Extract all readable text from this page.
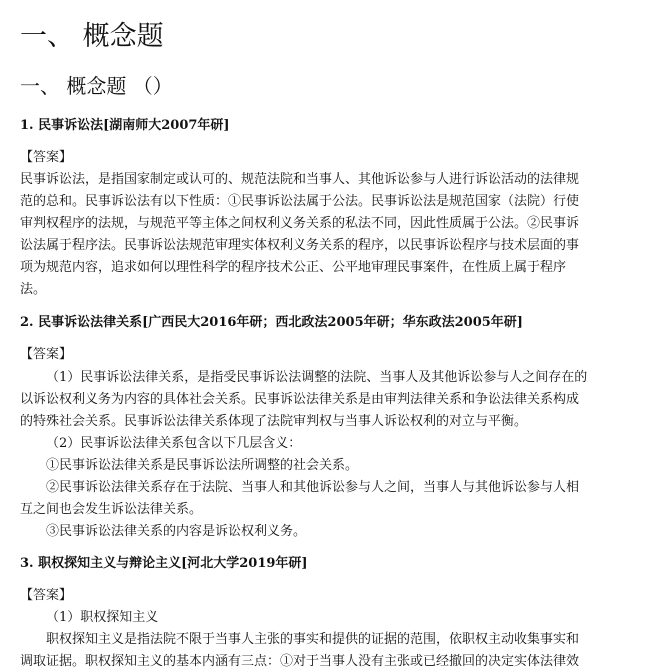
一、 概念题
一、 概念题 （）
1. 民事诉讼法[湖南师大2007年研]
【答案】
民事诉讼法，是指国家制定或认可的、规范法院和当事人、其他诉讼参与人进行诉讼活动的法律规
范的总和。民事诉讼法有以下性质：①民事诉讼法属于公法。民事诉讼法是规范国家（法院）行使
审判权程序的法规，与规范平等主体之间权利义务关系的私法不同，因此性质属于公法。②民事诉
讼法属于程序法。民事诉讼法规范审理实体权利义务关系的程序，以民事诉讼程序与技术层面的事
项为规范内容，追求如何以理性科学的程序技术公正、公平地审理民事案件，在性质上属于程序
法。
2. 民事诉讼法律关系[广西民大2016年研；西北政法2005年研；华东政法2005年研]
【答案】
（1）民事诉讼法律关系，是指受民事诉讼法调整的法院、当事人及其他诉讼参与人之间存在的
以诉讼权利义务为内容的具体社会关系。民事诉讼法律关系是由审判法律关系和争讼法律关系构成
的特殊社会关系。民事诉讼法律关系体现了法院审判权与当事人诉讼权利的对立与平衡。
（2）民事诉讼法律关系包含以下几层含义：
①民事诉讼法律关系是民事诉讼法所调整的社会关系。
②民事诉讼法律关系存在于法院、当事人和其他诉讼参与人之间，当事人与其他诉讼参与人相
互之间也会发生诉讼法律关系。
③民事诉讼法律关系的内容是诉讼权利义务。
3. 职权探知主义与辩论主义[河北大学2019年研]
【答案】
（1）职权探知主义
职权探知主义是指法院不限于当事人主张的事实和提供的证据的范围，依职权主动收集事实和
调取证据。职权探知主义的基本内涵有三点：①对于当事人没有主张或已经撤回的决定实体法律效
